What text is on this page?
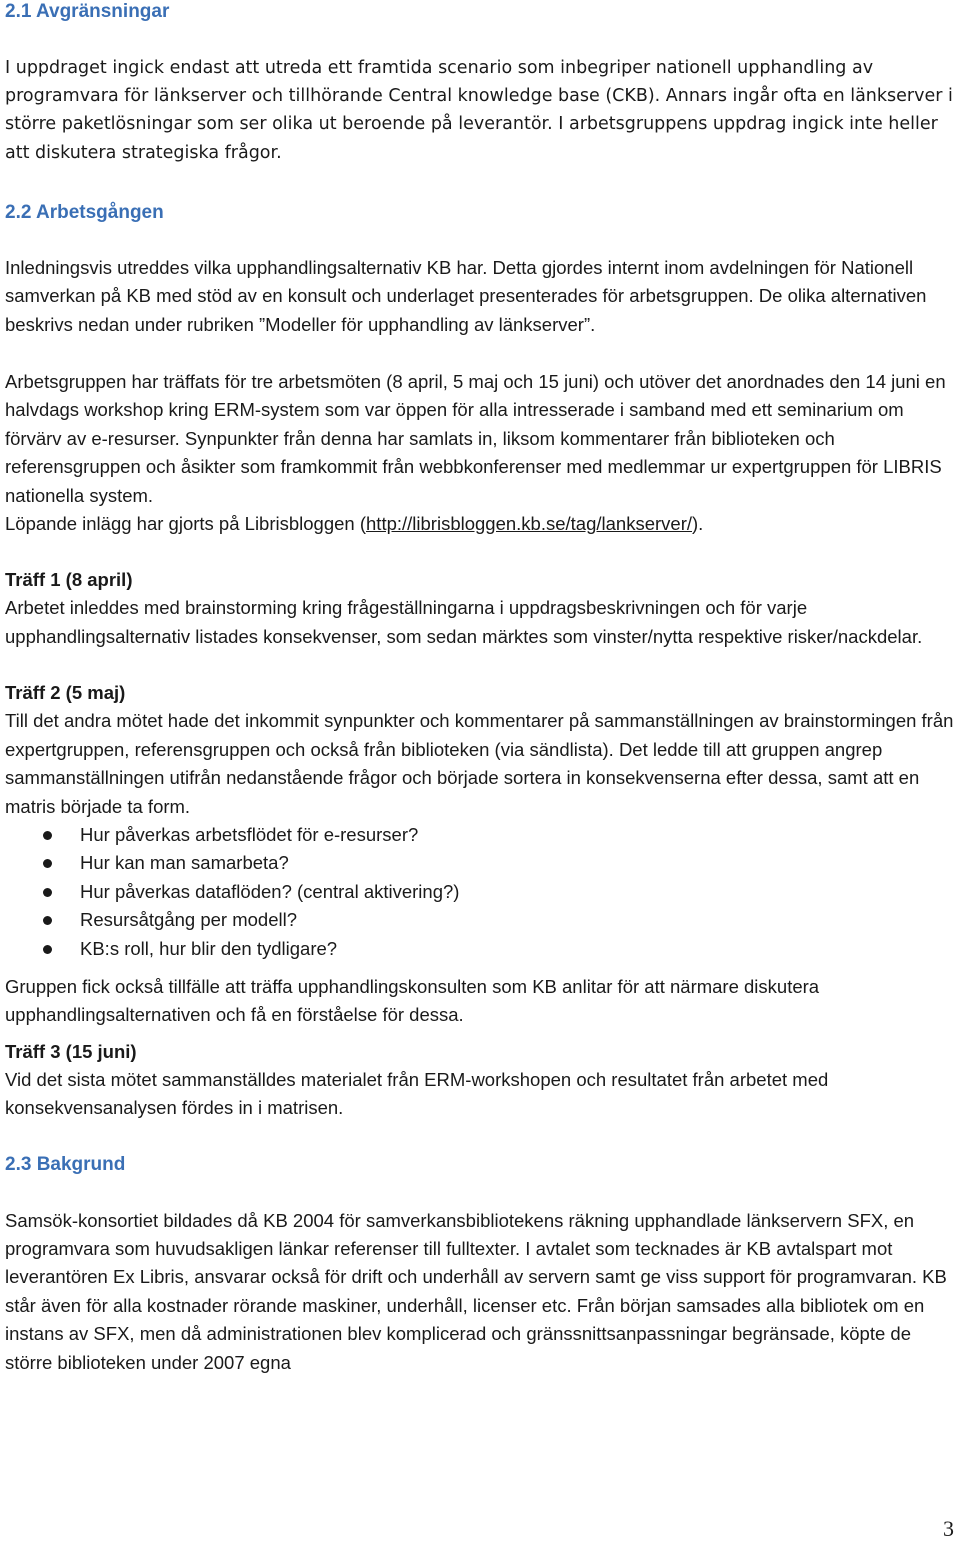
2.1 Avgränsningar

I uppdraget ingick endast att utreda ett framtida scenario som inbegriper nationell upphandling av programvara för länkserver och tillhörande Central knowledge base (CKB). Annars ingår ofta en länkserver i större paketlösningar som ser olika ut beroende på leverantör. I arbetsgruppens uppdrag ingick inte heller att diskutera strategiska frågor.

2.2 Arbetsgången

Inledningsvis utreddes vilka upphandlingsalternativ KB har. Detta gjordes internt inom avdelningen för Nationell samverkan på KB med stöd av en konsult och underlaget presenterades för arbetsgruppen. De olika alternativen beskrivs nedan under rubriken ”Modeller för upphandling av länkserver”.

Arbetsgruppen har träffats för tre arbetsmöten (8 april, 5 maj och 15 juni) och utöver det anordnades den 14 juni en halvdags workshop kring ERM-system som var öppen för alla intresserade i samband med ett seminarium om förvärv av e-resurser. Synpunkter från denna har samlats in, liksom kommentarer från biblioteken och referensgruppen och åsikter som framkommit från webbkonferenser med medlemmar ur expertgruppen för LIBRIS nationella system.
Löpande inlägg har gjorts på Librisbloggen (http://librisbloggen.kb.se/tag/lankserver/).

Träff 1 (8 april)

Arbetet inleddes med brainstorming kring frågeställningarna i uppdragsbeskrivningen och för varje upphandlingsalternativ listades konsekvenser, som sedan märktes som vinster/nytta respektive risker/nackdelar.

Träff 2 (5 maj)

Till det andra mötet hade det inkommit synpunkter och kommentarer på sammanställningen av brainstormingen från expertgruppen, referensgruppen och också från biblioteken (via sändlista). Det ledde till att gruppen angrep sammanställningen utifrån nedanstående frågor och började sortera in konsekvenserna efter dessa, samt att en matris började ta form.

Hur påverkas arbetsflödet för e-resurser?
Hur kan man samarbeta?
Hur påverkas dataflöden? (central aktivering?)
Resursåtgång per modell?
KB:s roll, hur blir den tydligare?

Gruppen fick också tillfälle att träffa upphandlingskonsulten som KB anlitar för att närmare diskutera upphandlingsalternativen och få en förståelse för dessa.

Träff 3 (15 juni)

Vid det sista mötet sammanställdes materialet från ERM-workshopen och resultatet från arbetet med konsekvensanalysen fördes in i matrisen.

2.3 Bakgrund

Samsök-konsortiet bildades då KB 2004 för samverkansbibliotekens räkning upphandlade länkservern SFX, en programvara som huvudsakligen länkar referenser till fulltexter. I avtalet som tecknades är KB avtalspart mot leverantören Ex Libris, ansvarar också för drift och underhåll av servern samt ge viss support för programvaran. KB står även för alla kostnader rörande maskiner, underhåll, licenser etc. Från början samsades alla bibliotek om en instans av SFX, men då administrationen blev komplicerad och gränssnittsanpassningar begränsade, köpte de större biblioteken under 2007 egna

3
